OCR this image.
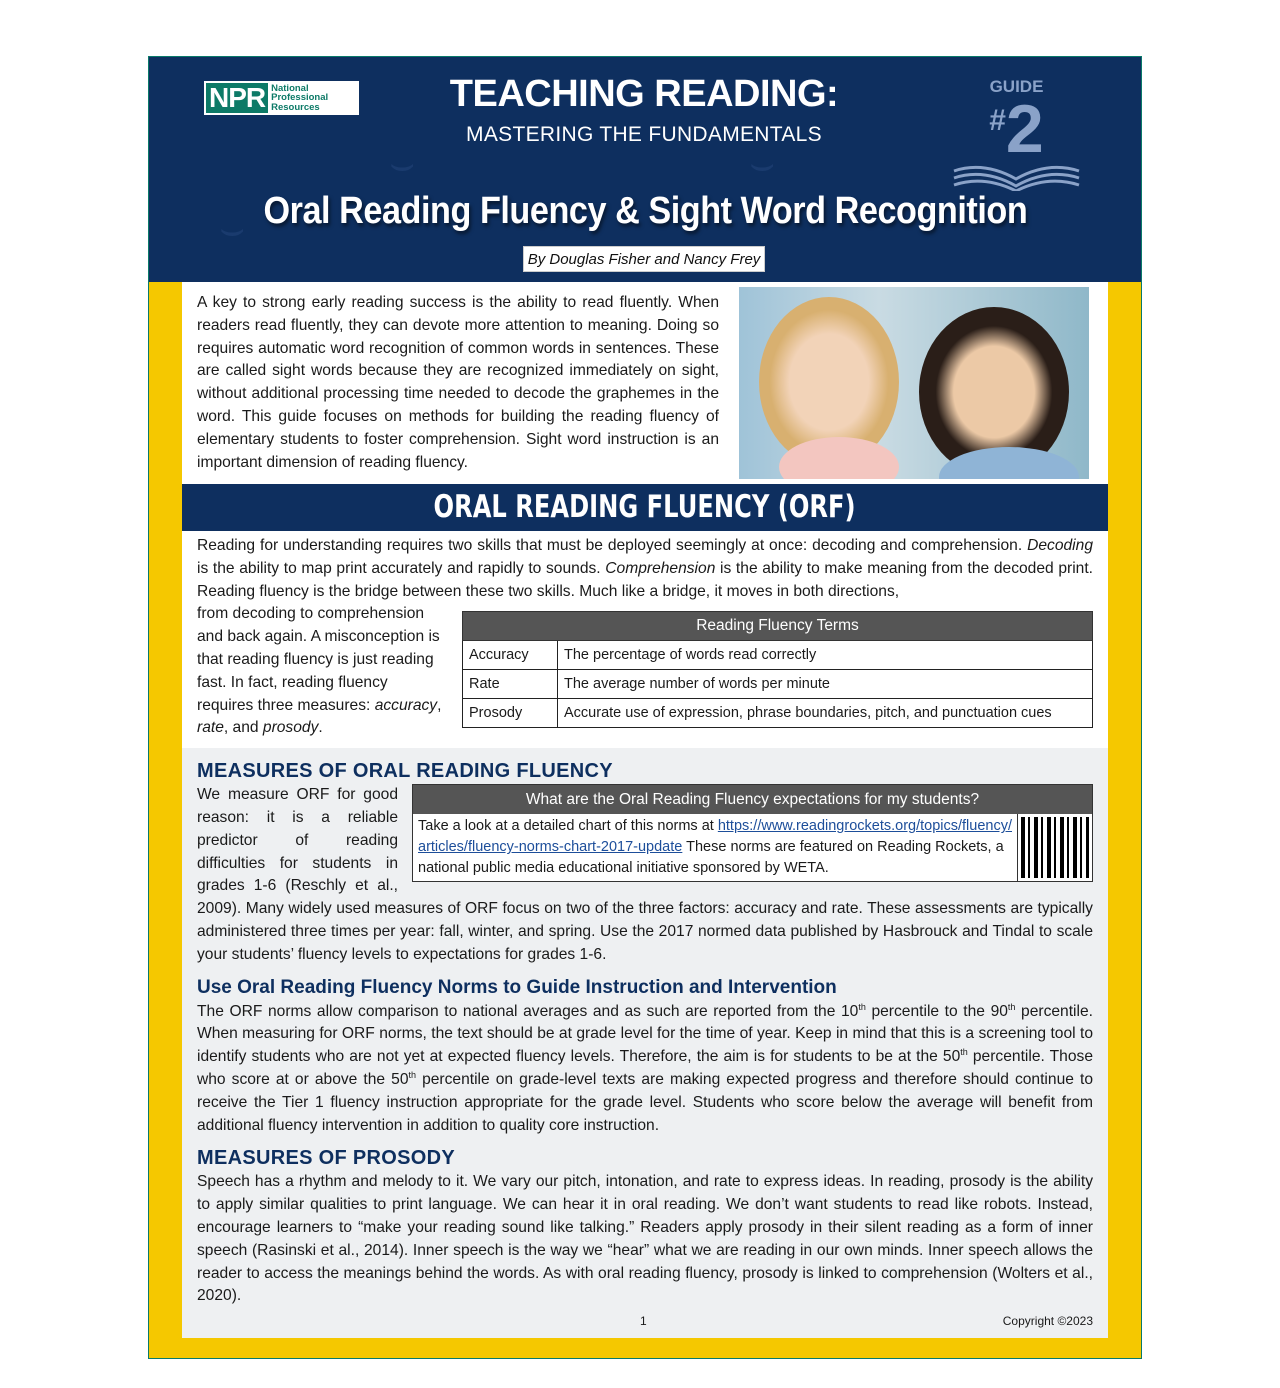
⌣	⌣
⌣
NPR National
Professional
Resources	TEACHING READING:
MASTERING THE FUNDAMENTALS
GUIDE
#2
Oral Reading Fluency & Sight Word Recognition
By Douglas Fisher and Nancy Frey

A key to strong early reading success is the ability to read fluently. When readers read fluently, they can devote more attention to meaning. Doing so requires automatic word recognition of common words in sentences. These are called sight words because they are recognized immediately on sight, without additional processing time needed to decode the graphemes in the word. This guide focuses on methods for building the reading fluency of elementary students to foster comprehension. Sight word instruction is an important dimension of reading fluency.

ORAL READING FLUENCY (ORF)

Reading for understanding requires two skills that must be deployed seemingly at once: decoding and comprehension. Decoding is the ability to map print accurately and rapidly to sounds. Comprehension is the ability to make meaning from the decoded print. Reading fluency is the bridge between these two skills. Much like a bridge, it moves in both directions,

Reading Fluency Terms	
Accuracy	The percentage of words read correctly
Rate	The average number of words per minute
Prosody	Accurate use of expression, phrase boundaries, pitch, and punctuation cues

from decoding to comprehension and back again. A misconception is that reading fluency is just reading fast. In fact, reading fluency requires three measures: accuracy, rate, and prosody.

MEASURES OF ORAL READING FLUENCY
What are the Oral Reading Fluency expectations for my students?
Take a look at a detailed chart of this norms at https://www.readingrockets.org/topics/fluency/articles/fluency-norms-chart-2017-update These norms are featured on Reading Rockets, a national public media educational initiative sponsored by WETA.

We measure ORF for good reason: it is a reliable predictor of reading difficulties for students in grades 1-6 (Reschly et al., 2009). Many widely used measures of ORF focus on two of the three factors: accuracy and rate. These assessments are typically administered three times per year: fall, winter, and spring. Use the 2017 normed data published by Hasbrouck and Tindal to scale your students’ fluency levels to expectations for grades 1-6.

Use Oral Reading Fluency Norms to Guide Instruction and Intervention

The ORF norms allow comparison to national averages and as such are reported from the 10th percentile to the 90th percentile. When measuring for ORF norms, the text should be at grade level for the time of year. Keep in mind that this is a screening tool to identify students who are not yet at expected fluency levels. Therefore, the aim is for students to be at the 50th percentile. Those who score at or above the 50th percentile on grade-level texts are making expected progress and therefore should continue to receive the Tier 1 fluency instruction appropriate for the grade level. Students who score below the average will benefit from additional fluency intervention in addition to quality core instruction.

MEASURES OF PROSODY

Speech has a rhythm and melody to it. We vary our pitch, intonation, and rate to express ideas. In reading, prosody is the ability to apply similar qualities to print language. We can hear it in oral reading. We don’t want students to read like robots. Instead, encourage learners to “make your reading sound like talking.” Readers apply prosody in their silent reading as a form of inner speech (Rasinski et al., 2014). Inner speech is the way we “hear” what we are reading in our own minds. Inner speech allows the reader to access the meanings behind the words. As with oral reading fluency, prosody is linked to comprehension (Wolters et al., 2020).

1	Copyright ©2023
